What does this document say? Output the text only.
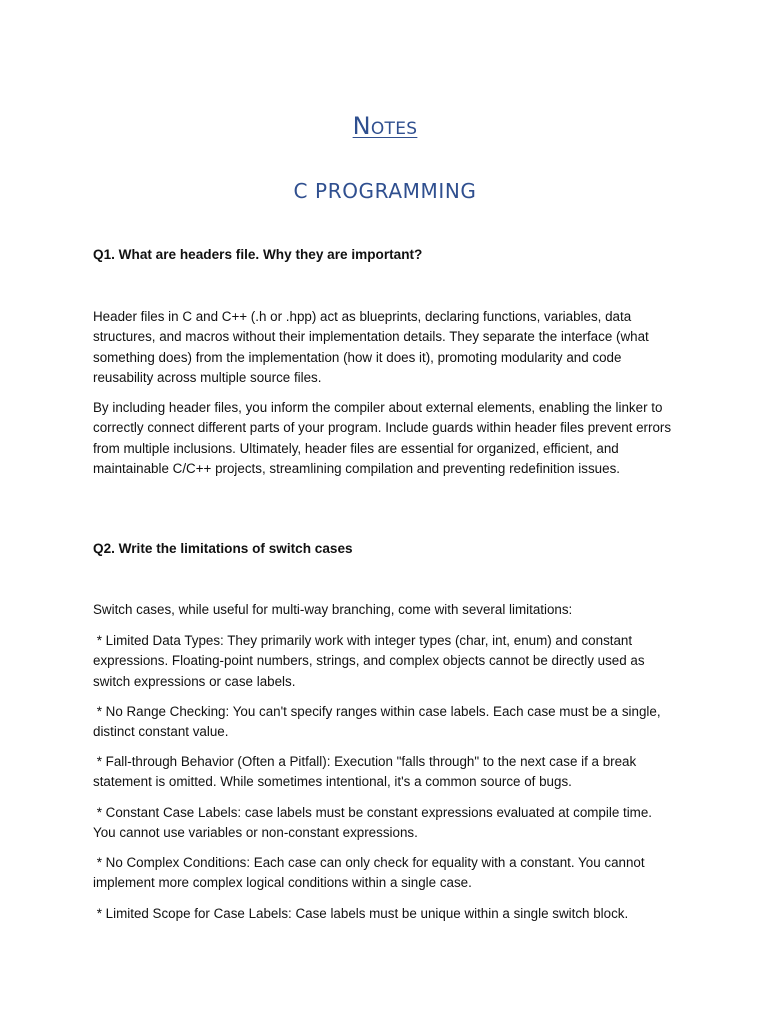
Notes
C PROGRAMMING

Q1. What are headers file. Why they are important?

Header files in C and C++ (.h or .hpp) act as blueprints, declaring functions, variables, data structures, and macros without their implementation details. They separate the interface (what something does) from the implementation (how it does it), promoting modularity and code reusability across multiple source files.

By including header files, you inform the compiler about external elements, enabling the linker to correctly connect different parts of your program. Include guards within header files prevent errors from multiple inclusions. Ultimately, header files are essential for organized, efficient, and maintainable C/C++ projects, streamlining compilation and preventing redefinition issues.

Q2. Write the limitations of switch cases

Switch cases, while useful for multi-way branching, come with several limitations:

* Limited Data Types: They primarily work with integer types (char, int, enum) and constant expressions. Floating-point numbers, strings, and complex objects cannot be directly used as switch expressions or case labels.

* No Range Checking: You can't specify ranges within case labels. Each case must be a single, distinct constant value.

* Fall-through Behavior (Often a Pitfall): Execution "falls through" to the next case if a break statement is omitted. While sometimes intentional, it's a common source of bugs.

* Constant Case Labels: case labels must be constant expressions evaluated at compile time. You cannot use variables or non-constant expressions.

* No Complex Conditions: Each case can only check for equality with a constant. You cannot implement more complex logical conditions within a single case.

* Limited Scope for Case Labels: Case labels must be unique within a single switch block.
